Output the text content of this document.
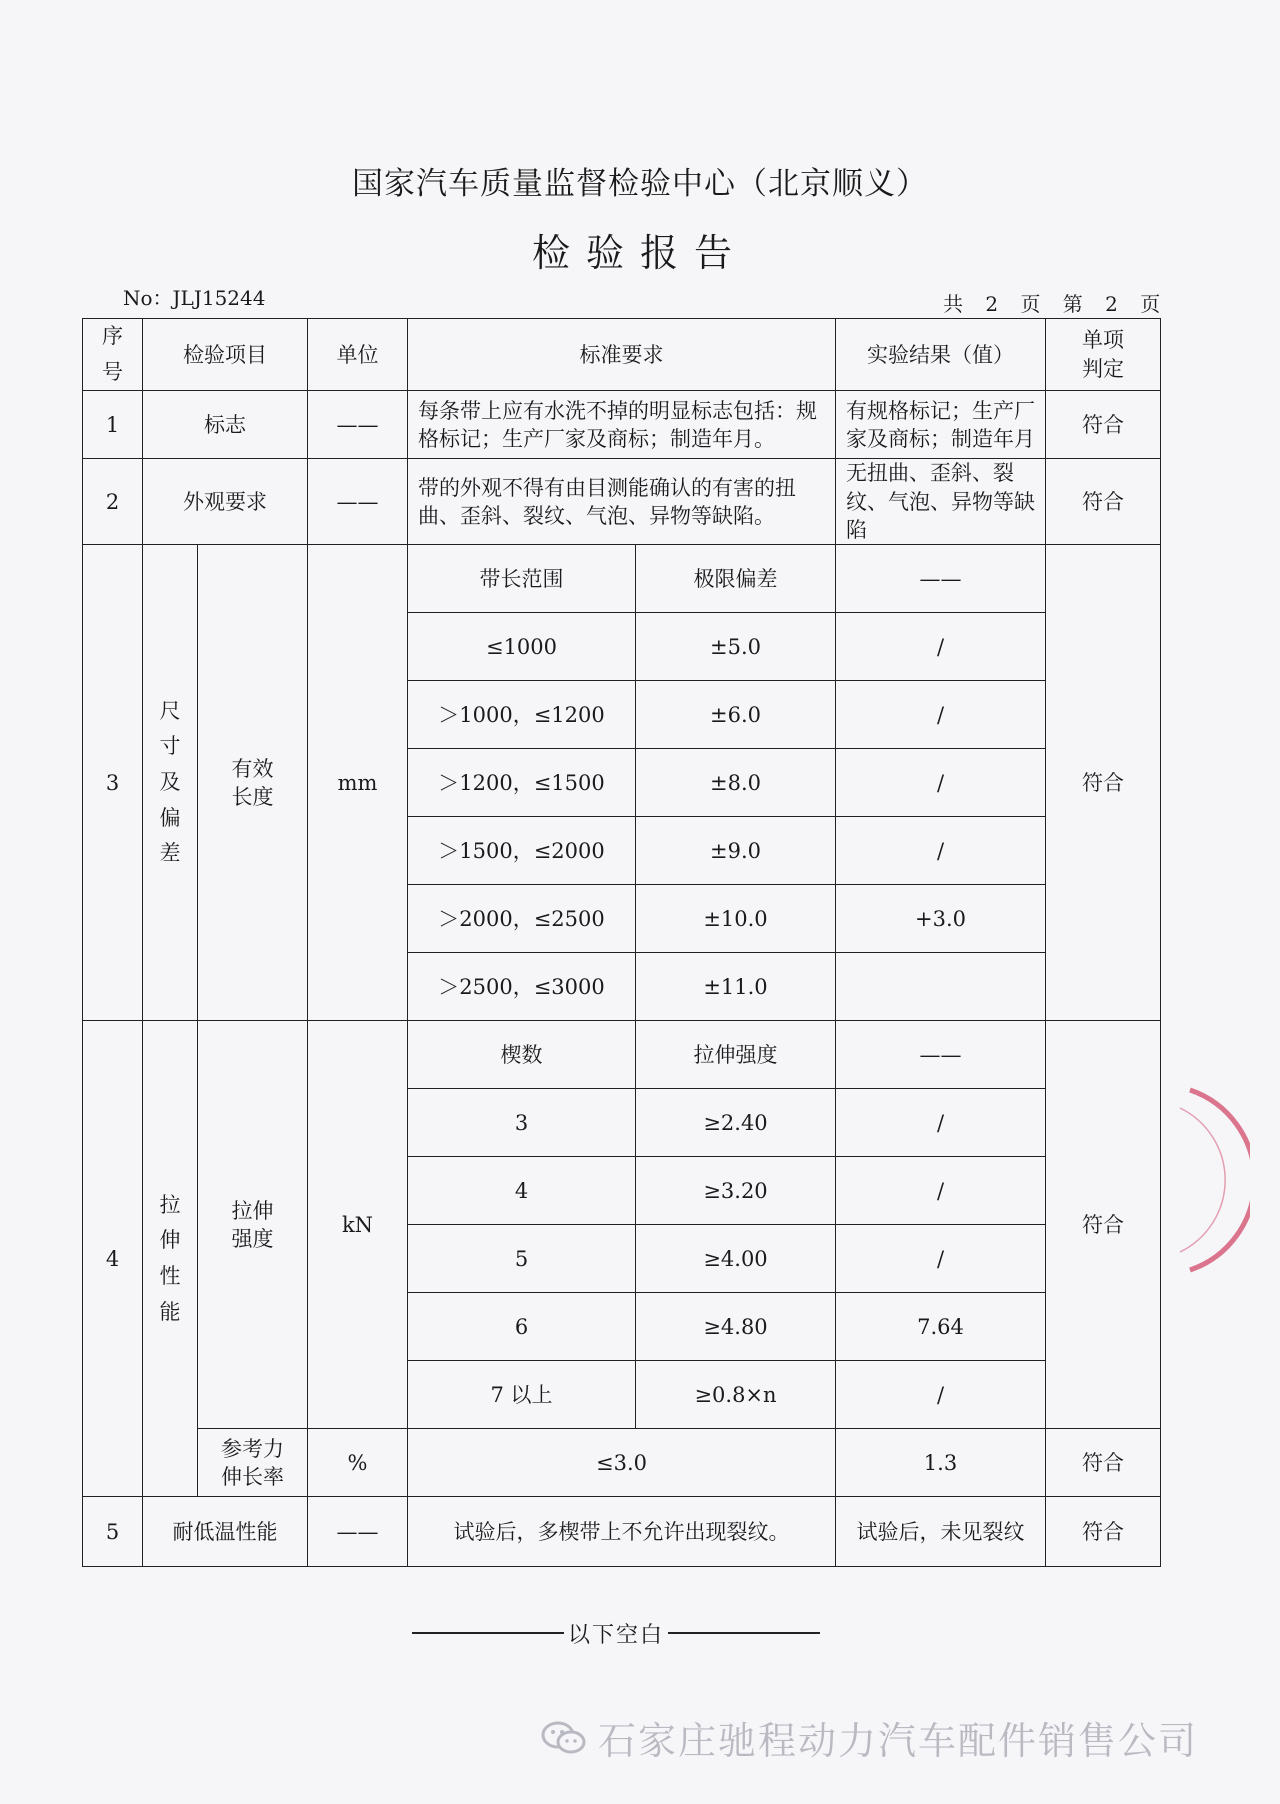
国家汽车质量监督检验中心（北京顺义）
检验报告
No：JLJ15244	共 2 页 第 2 页
序号	检验项目		单位	标准要求		实验结果（值）	单项判定
1	标志		——	每条带上应有水洗不掉的明显标志包括：规格标记；生产厂家及商标；制造年月。		有规格标记；生产厂家及商标；制造年月	符合
2	外观要求		——	带的外观不得有由目测能确认的有害的扭曲、歪斜、裂纹、气泡、异物等缺陷。		无扭曲、歪斜、裂纹、气泡、异物等缺陷	符合
3	尺寸及偏差	有效长度	mm	带长范围	极限偏差	——	符合
				≤1000	±5.0	/	
				＞1000，≤1200	±6.0	/	
				＞1200，≤1500	±8.0	/	
				＞1500，≤2000	±9.0	/	
				＞2000，≤2500	±10.0	+3.0	
				＞2500，≤3000	±11.0		
4	拉伸性能	拉伸强度	kN	楔数	拉伸强度	——	符合
				3	≥2.40	/	
				4	≥3.20	/	
				5	≥4.00	/	
				6	≥4.80	7.64	
				7 以上	≥0.8×n	/	
		参考力伸长率	%	≤3.0		1.3	符合
5	耐低温性能		——	试验后，多楔带上不允许出现裂纹。		试验后，未见裂纹	符合
以下空白
石家庄驰程动力汽车配件销售公司
